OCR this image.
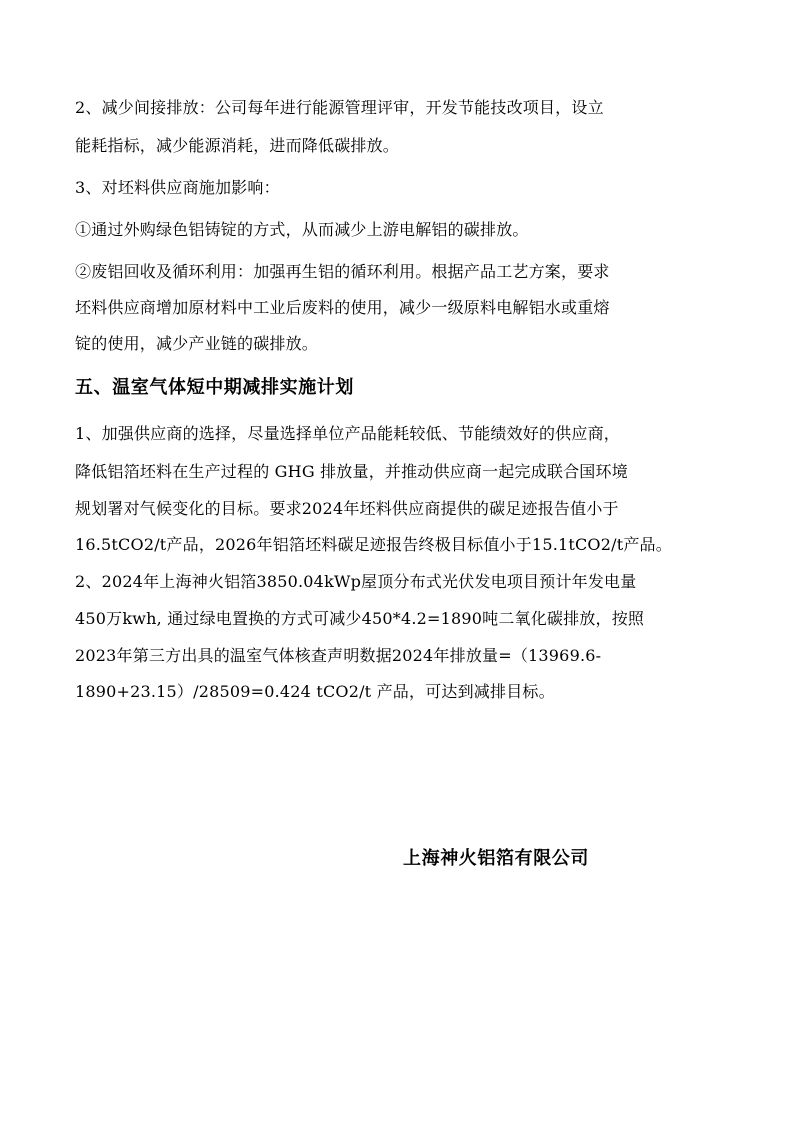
2、减少间接排放：公司每年进行能源管理评审，开发节能技改项目，设立
能耗指标，减少能源消耗，进而降低碳排放。
3、对坯料供应商施加影响：
①通过外购绿色铝铸锭的方式，从而减少上游电解铝的碳排放。
②废铝回收及循环利用：加强再生铝的循环利用。根据产品工艺方案，要求
坯料供应商增加原材料中工业后废料的使用，减少一级原料电解铝水或重熔
锭的使用，减少产业链的碳排放。
五、温室气体短中期减排实施计划
1、加强供应商的选择，尽量选择单位产品能耗较低、节能绩效好的供应商，
降低铝箔坯料在生产过程的 GHG 排放量，并推动供应商一起完成联合国环境
规划署对气候变化的目标。要求2024年坯料供应商提供的碳足迹报告值小于
16.5tCO2/t产品，2026年铝箔坯料碳足迹报告终极目标值小于15.1tCO2/t产品。
2、2024年上海神火铝箔3850.04kWp屋顶分布式光伏发电项目预计年发电量
450万kwh, 通过绿电置换的方式可减少450*4.2=1890吨二氧化碳排放，按照
2023年第三方出具的温室气体核查声明数据2024年排放量=（13969.6-
1890+23.15）/28509=0.424 tCO2/t 产品，可达到减排目标。
上海神火铝箔有限公司
